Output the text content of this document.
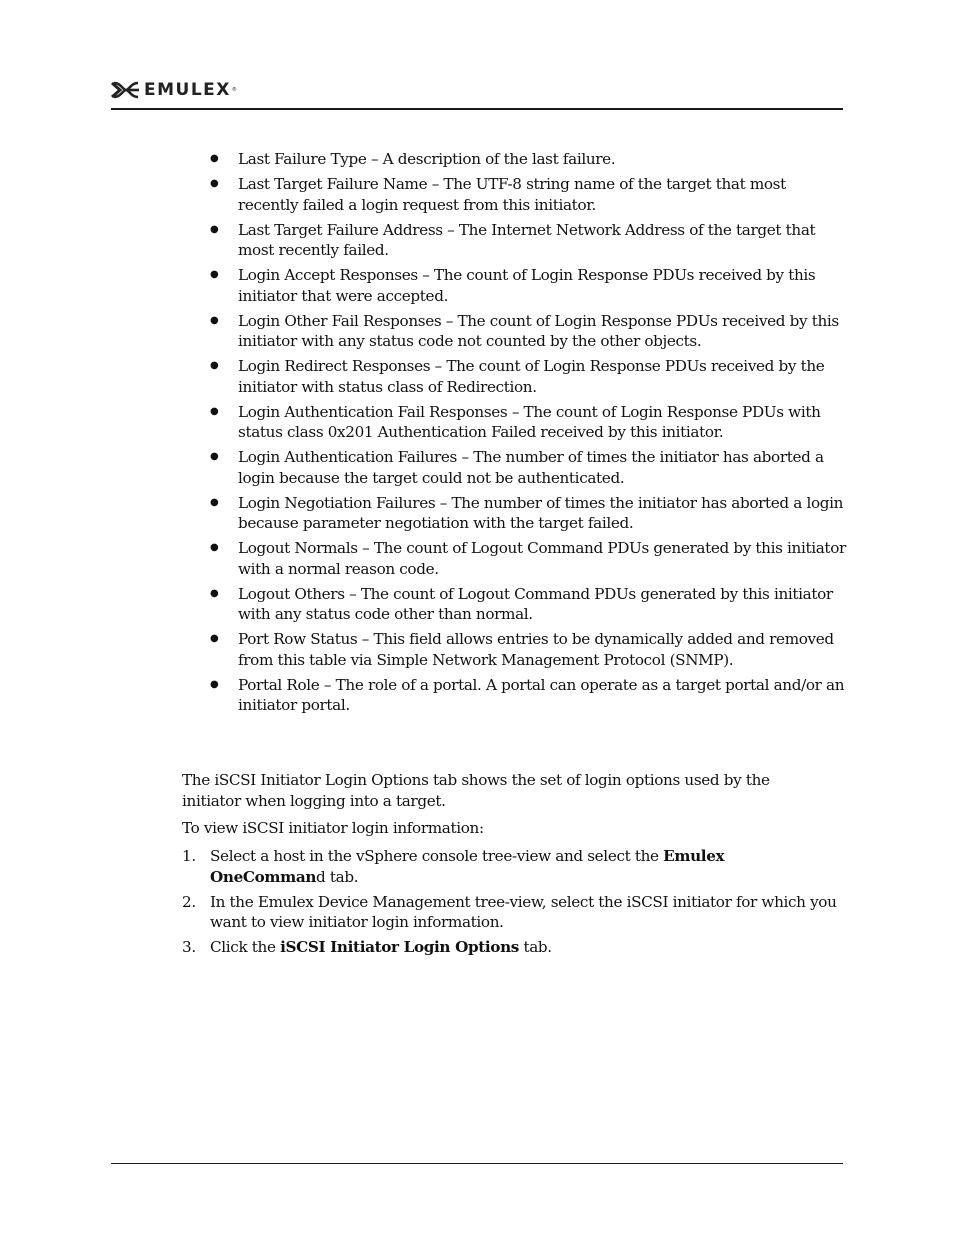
EMULEX ®
● Last Failure Type – A description of the last failure.
● Last Target Failure Name – The UTF-8 string name of the target that most recently failed a login request from this initiator.
● Last Target Failure Address – The Internet Network Address of the target that most recently failed.
● Login Accept Responses – The count of Login Response PDUs received by this initiator that were accepted.
● Login Other Fail Responses – The count of Login Response PDUs received by this initiator with any status code not counted by the other objects.
● Login Redirect Responses – The count of Login Response PDUs received by the initiator with status class of Redirection.
● Login Authentication Fail Responses – The count of Login Response PDUs with status class 0x201 Authentication Failed received by this initiator.
● Login Authentication Failures – The number of times the initiator has aborted a login because the target could not be authenticated.
● Login Negotiation Failures – The number of times the initiator has aborted a login because parameter negotiation with the target failed.
● Logout Normals – The count of Logout Command PDUs generated by this initiator with a normal reason code.
● Logout Others – The count of Logout Command PDUs generated by this initiator with any status code other than normal.
● Port Row Status – This field allows entries to be dynamically added and removed from this table via Simple Network Management Protocol (SNMP).
● Portal Role – The role of a portal. A portal can operate as a target portal and/or an initiator portal.

The iSCSI Initiator Login Options tab shows the set of login options used by the initiator when logging into a target.

To view iSCSI initiator login information:

1. Select a host in the vSphere console tree-view and select the Emulex OneCommand tab.
2. In the Emulex Device Management tree-view, select the iSCSI initiator for which you want to view initiator login information.
3. Click the iSCSI Initiator Login Options tab.
